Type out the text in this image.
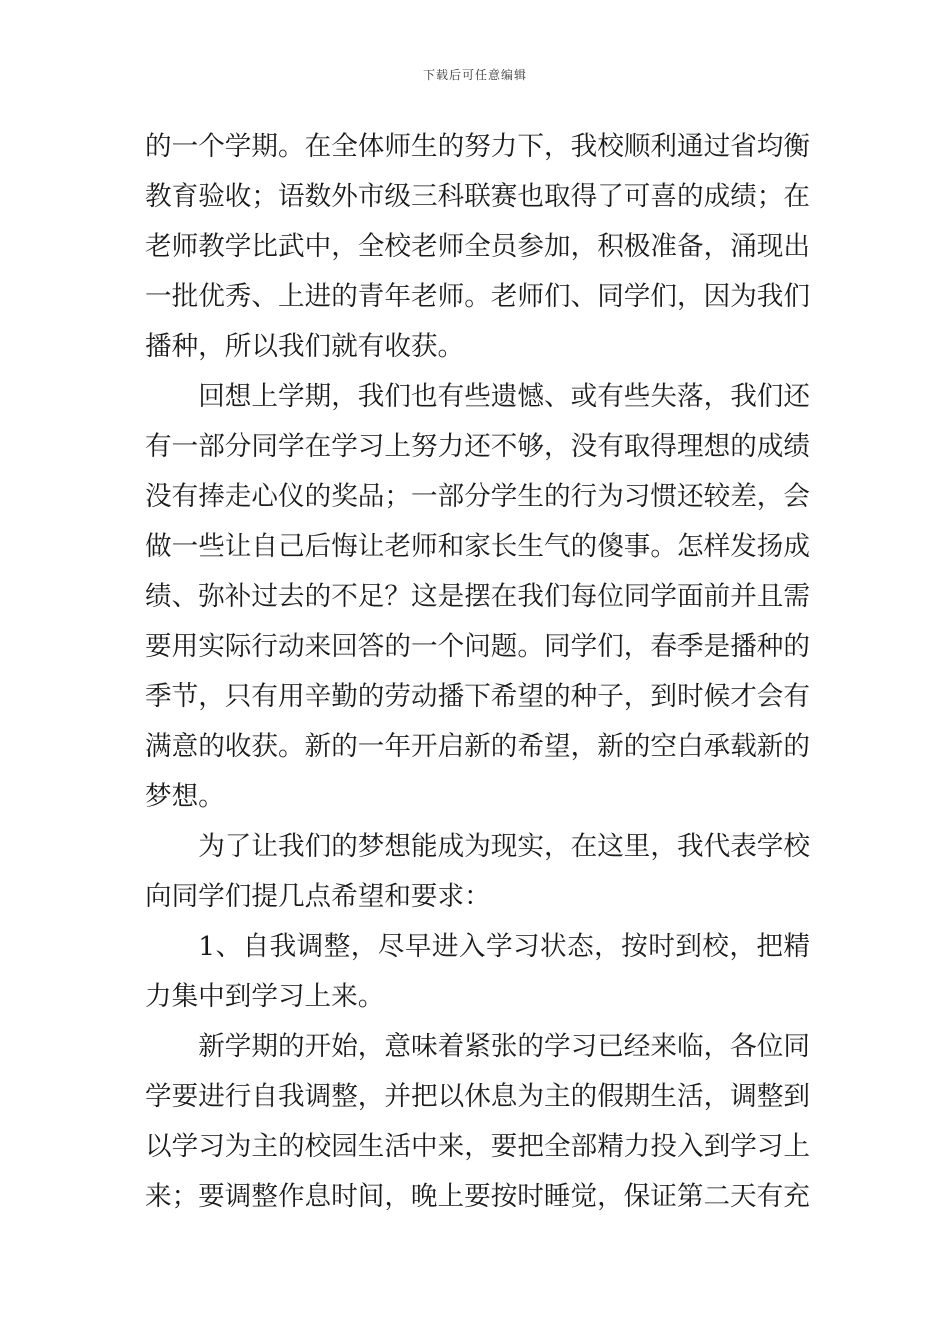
下载后可任意编辑

的一个学期。在全体师生的努力下，我校顺利通过省均衡教育验收；语数外市级三科联赛也取得了可喜的成绩；在老师教学比武中，全校老师全员参加，积极准备，涌现出一批优秀、上进的青年老师。老师们、同学们，因为我们播种，所以我们就有收获。

回想上学期，我们也有些遗憾、或有些失落，我们还有一部分同学在学习上努力还不够，没有取得理想的成绩没有捧走心仪的奖品；一部分学生的行为习惯还较差，会做一些让自己后悔让老师和家长生气的傻事。怎样发扬成绩、弥补过去的不足？这是摆在我们每位同学面前并且需要用实际行动来回答的一个问题。同学们，春季是播种的季节，只有用辛勤的劳动播下希望的种子，到时候才会有满意的收获。新的一年开启新的希望，新的空白承载新的梦想。

为了让我们的梦想能成为现实，在这里，我代表学校向同学们提几点希望和要求：

1、自我调整，尽早进入学习状态，按时到校，把精力集中到学习上来。

新学期的开始，意味着紧张的学习已经来临，各位同学要进行自我调整，并把以休息为主的假期生活，调整到以学习为主的校园生活中来，要把全部精力投入到学习上来；要调整作息时间，晚上要按时睡觉，保证第二天有充
